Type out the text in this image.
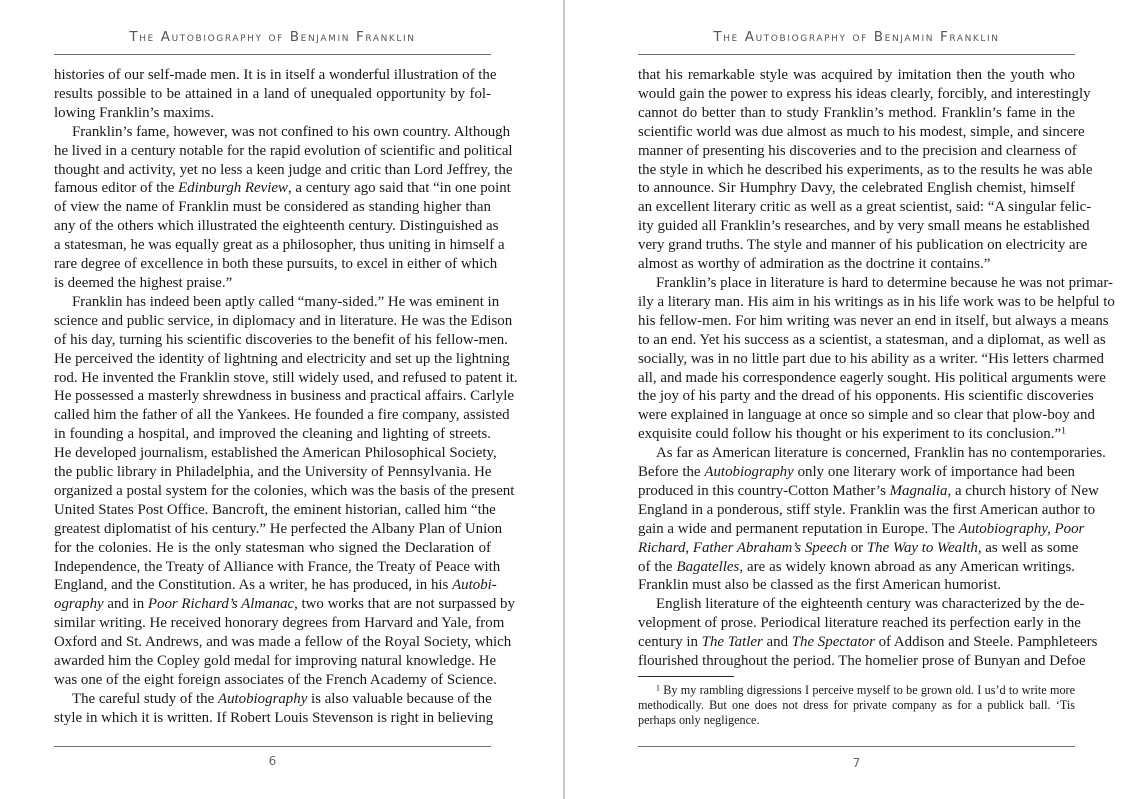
The Autobiography of Benjamin Franklin
histories of our self-made men. It is in itself a wonderful illustration of the
results possible to be attained in a land of unequaled opportunity by fol-
lowing Franklin’s maxims.
Franklin’s fame, however, was not confined to his own country. Although
he lived in a century notable for the rapid evolution of scientific and political
thought and activity, yet no less a keen judge and critic than Lord Jeffrey, the
famous editor of the Edinburgh Review, a century ago said that “in one point
of view the name of Franklin must be considered as standing higher than
any of the others which illustrated the eighteenth century. Distinguished as
a statesman, he was equally great as a philosopher, thus uniting in himself a
rare degree of excellence in both these pursuits, to excel in either of which
is deemed the highest praise.”
Franklin has indeed been aptly called “many-sided.” He was eminent in
science and public service, in diplomacy and in literature. He was the Edison
of his day, turning his scientific discoveries to the benefit of his fellow-men.
He perceived the identity of lightning and electricity and set up the lightning
rod. He invented the Franklin stove, still widely used, and refused to patent it.
He possessed a masterly shrewdness in business and practical affairs. Carlyle
called him the father of all the Yankees. He founded a fire company, assisted
in founding a hospital, and improved the cleaning and lighting of streets.
He developed journalism, established the American Philosophical Society,
the public library in Philadelphia, and the University of Pennsylvania. He
organized a postal system for the colonies, which was the basis of the present
United States Post Office. Bancroft, the eminent historian, called him “the
greatest diplomatist of his century.” He perfected the Albany Plan of Union
for the colonies. He is the only statesman who signed the Declaration of
Independence, the Treaty of Alliance with France, the Treaty of Peace with
England, and the Constitution. As a writer, he has produced, in his Autobi-
ography and in Poor Richard’s Almanac, two works that are not surpassed by
similar writing. He received honorary degrees from Harvard and Yale, from
Oxford and St. Andrews, and was made a fellow of the Royal Society, which
awarded him the Copley gold medal for improving natural knowledge. He
was one of the eight foreign associates of the French Academy of Science.
The careful study of the Autobiography is also valuable because of the
style in which it is written. If Robert Louis Stevenson is right in believing
6
The Autobiography of Benjamin Franklin
that his remarkable style was acquired by imitation then the youth who
would gain the power to express his ideas clearly, forcibly, and interestingly
cannot do better than to study Franklin’s method. Franklin’s fame in the
scientific world was due almost as much to his modest, simple, and sincere
manner of presenting his discoveries and to the precision and clearness of
the style in which he described his experiments, as to the results he was able
to announce. Sir Humphry Davy, the celebrated English chemist, himself
an excellent literary critic as well as a great scientist, said: “A singular felic-
ity guided all Franklin’s researches, and by very small means he established
very grand truths. The style and manner of his publication on electricity are
almost as worthy of admiration as the doctrine it contains.”
Franklin’s place in literature is hard to determine because he was not primar-
ily a literary man. His aim in his writings as in his life work was to be helpful to
his fellow-men. For him writing was never an end in itself, but always a means
to an end. Yet his success as a scientist, a statesman, and a diplomat, as well as
socially, was in no little part due to his ability as a writer. “His letters charmed
all, and made his correspondence eagerly sought. His political arguments were
the joy of his party and the dread of his opponents. His scientific discoveries
were explained in language at once so simple and so clear that plow-boy and
exquisite could follow his thought or his experiment to its conclusion.”$^1$
As far as American literature is concerned, Franklin has no contemporaries.
Before the Autobiography only one literary work of importance had been
produced in this country-Cotton Mather’s Magnalia, a church history of New
England in a ponderous, stiff style. Franklin was the first American author to
gain a wide and permanent reputation in Europe. The Autobiography, Poor
Richard, Father Abraham’s Speech or The Way to Wealth, as well as some
of the Bagatelles, are as widely known abroad as any American writings.
Franklin must also be classed as the first American humorist.
English literature of the eighteenth century was characterized by the de-
velopment of prose. Periodical literature reached its perfection early in the
century in The Tatler and The Spectator of Addison and Steele. Pamphleteers
flourished throughout the period. The homelier prose of Bunyan and Defoe

$^1$ By my rambling digressions I perceive myself to be grown old. I us’d to write more methodically. But one does not dress for private company as for a publick ball. ‘Tis perhaps only negligence.

7
